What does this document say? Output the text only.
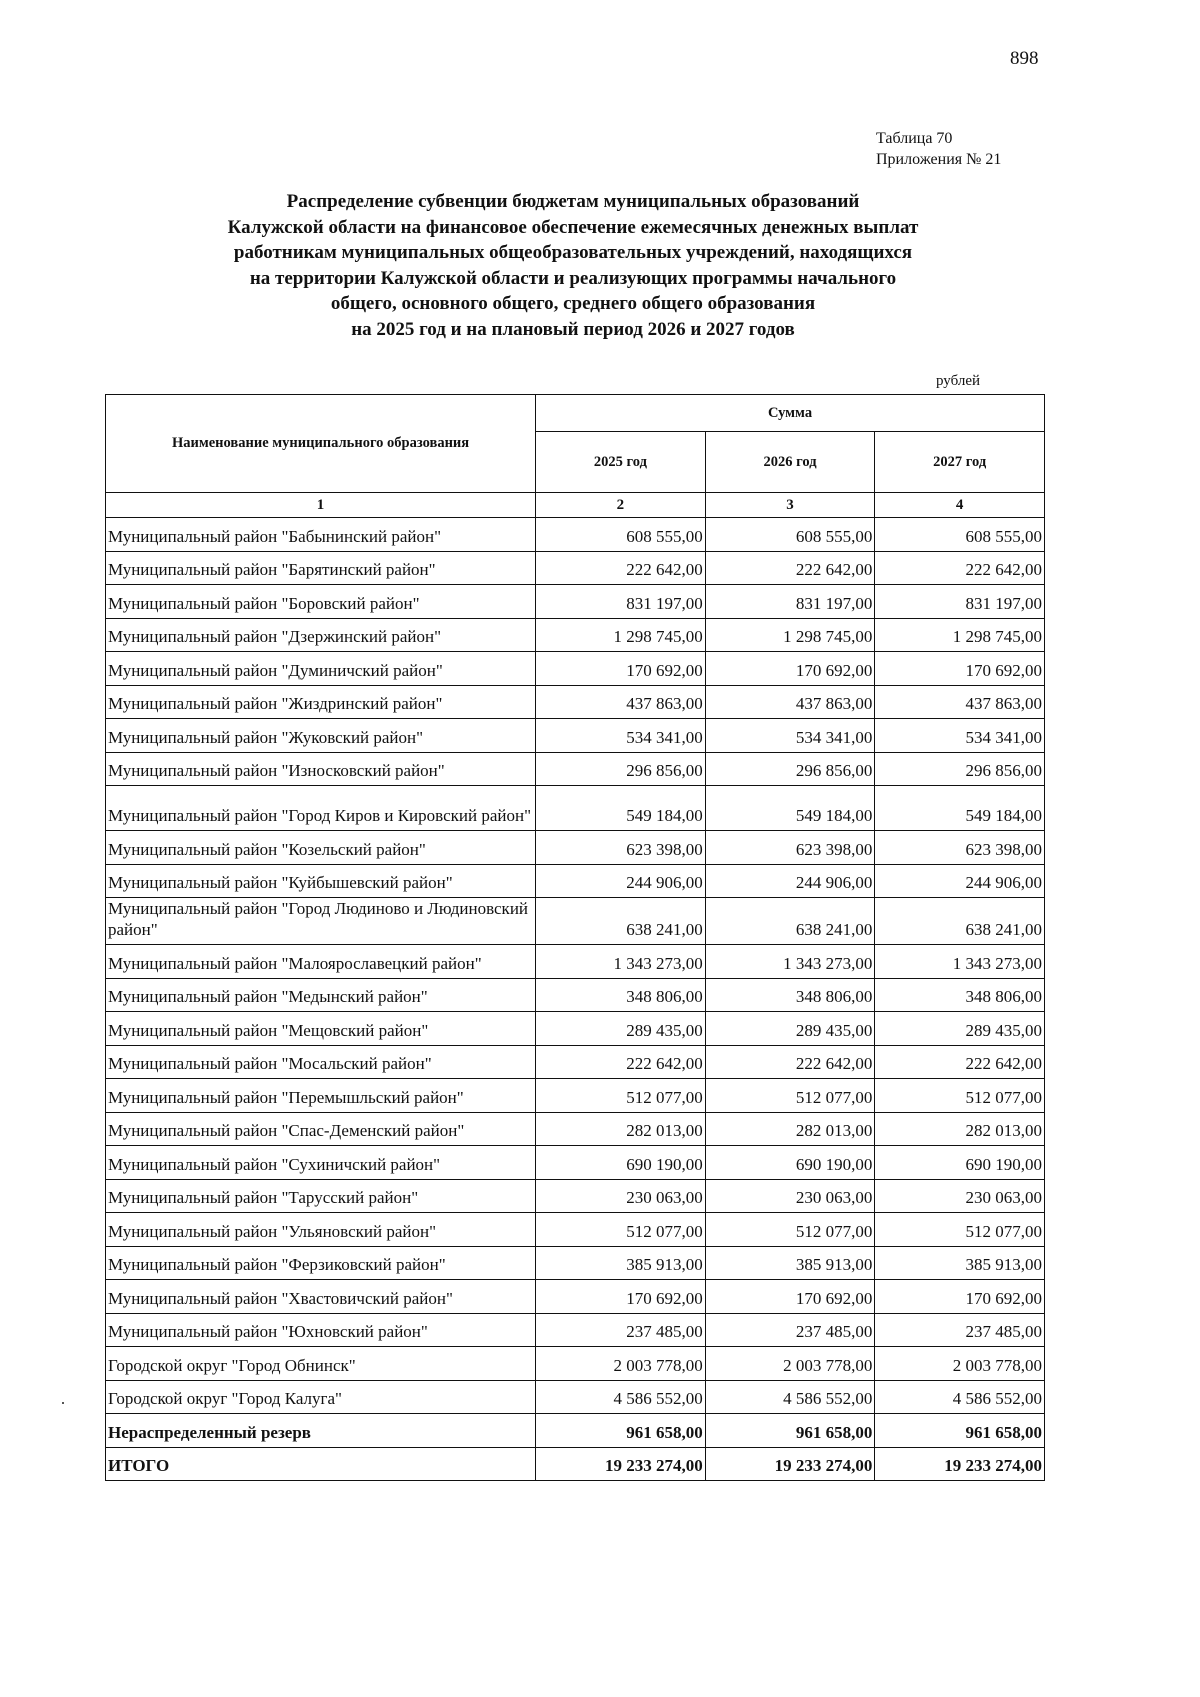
898
Таблица 70
Приложения № 21
Распределение субвенции бюджетам муниципальных образований
Калужской области на финансовое обеспечение ежемесячных денежных выплат
работникам муниципальных общеобразовательных учреждений, находящихся
на территории Калужской области и реализующих программы начального
общего, основного общего, среднего общего образования
на 2025 год и на плановый период 2026 и 2027 годов
рублей
Наименование муниципального образования	Сумма		
	2025 год	2026 год	2027 год
1	2	3	4
Муниципальный район "Бабынинский район"	608 555,00	608 555,00	608 555,00
Муниципальный район "Барятинский район"	222 642,00	222 642,00	222 642,00
Муниципальный район "Боровский район"	831 197,00	831 197,00	831 197,00
Муниципальный район "Дзержинский район"	1 298 745,00	1 298 745,00	1 298 745,00
Муниципальный район "Думиничский район"	170 692,00	170 692,00	170 692,00
Муниципальный район "Жиздринский район"	437 863,00	437 863,00	437 863,00
Муниципальный район "Жуковский район"	534 341,00	534 341,00	534 341,00
Муниципальный район "Износковский район"	296 856,00	296 856,00	296 856,00
Муниципальный район "Город Киров и Кировский район"	549 184,00	549 184,00	549 184,00
Муниципальный район "Козельский район"	623 398,00	623 398,00	623 398,00
Муниципальный район "Куйбышевский район"	244 906,00	244 906,00	244 906,00
Муниципальный район "Город Людиново и Людиновский район"	638 241,00	638 241,00	638 241,00
Муниципальный район "Малоярославецкий район"	1 343 273,00	1 343 273,00	1 343 273,00
Муниципальный район "Медынский район"	348 806,00	348 806,00	348 806,00
Муниципальный район "Мещовский район"	289 435,00	289 435,00	289 435,00
Муниципальный район "Мосальский район"	222 642,00	222 642,00	222 642,00
Муниципальный район "Перемышльский район"	512 077,00	512 077,00	512 077,00
Муниципальный район "Спас-Деменский район"	282 013,00	282 013,00	282 013,00
Муниципальный район "Сухиничский район"	690 190,00	690 190,00	690 190,00
Муниципальный район "Тарусский район"	230 063,00	230 063,00	230 063,00
Муниципальный район "Ульяновский район"	512 077,00	512 077,00	512 077,00
Муниципальный район "Ферзиковский район"	385 913,00	385 913,00	385 913,00
Муниципальный район "Хвастовичский район"	170 692,00	170 692,00	170 692,00
Муниципальный район "Юхновский район"	237 485,00	237 485,00	237 485,00
Городской округ "Город Обнинск"	2 003 778,00	2 003 778,00	2 003 778,00
Городской округ "Город Калуга"	4 586 552,00	4 586 552,00	4 586 552,00
Нераспределенный резерв	961 658,00	961 658,00	961 658,00
ИТОГО	19 233 274,00	19 233 274,00	19 233 274,00
